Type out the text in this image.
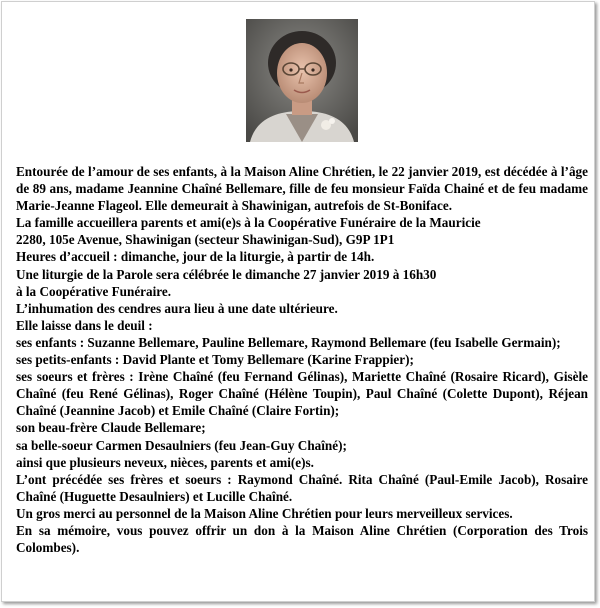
Entourée de l’amour de ses enfants, à la Maison Aline Chrétien, le 22 janvier 2019, est décédée à l’âge de 89 ans, madame Jeannine Chaîné Bellemare, fille de feu monsieur Faïda Chainé et de feu madame Marie-Jeanne Flageol. Elle demeurait à Shawinigan, autrefois de St-Boniface.

La famille accueillera parents et ami(e)s à la Coopérative Funéraire de la Mauricie

2280, 105e Avenue, Shawinigan (secteur Shawinigan-Sud), G9P 1P1

Heures d’accueil : dimanche, jour de la liturgie, à partir de 14h.

Une liturgie de la Parole sera célébrée le dimanche 27 janvier 2019 à 16h30

à la Coopérative Funéraire.

L’inhumation des cendres aura lieu à une date ultérieure.

Elle laisse dans le deuil :

ses enfants : Suzanne Bellemare, Pauline Bellemare, Raymond Bellemare (feu Isabelle Germain);

ses petits-enfants : David Plante et Tomy Bellemare (Karine Frappier);

ses soeurs et frères : Irène Chaîné (feu Fernand Gélinas), Mariette Chaîné (Rosaire Ricard), Gisèle Chaîné (feu René Gélinas), Roger Chaîné (Hélène Toupin), Paul Chaîné (Colette Dupont), Réjean Chaîné (Jeannine Jacob) et Emile Chaîné (Claire Fortin);

son beau-frère Claude Bellemare;

sa belle-soeur Carmen Desaulniers (feu Jean-Guy Chaîné);

ainsi que plusieurs neveux, nièces, parents et ami(e)s.

L’ont précédée ses frères et soeurs : Raymond Chaîné. Rita Chaîné (Paul-Emile Jacob), Rosaire Chaîné (Huguette Desaulniers) et Lucille Chaîné.

Un gros merci au personnel de la Maison Aline Chrétien pour leurs merveilleux services.

En sa mémoire, vous pouvez offrir un don à la Maison Aline Chrétien (Corporation des Trois Colombes).
